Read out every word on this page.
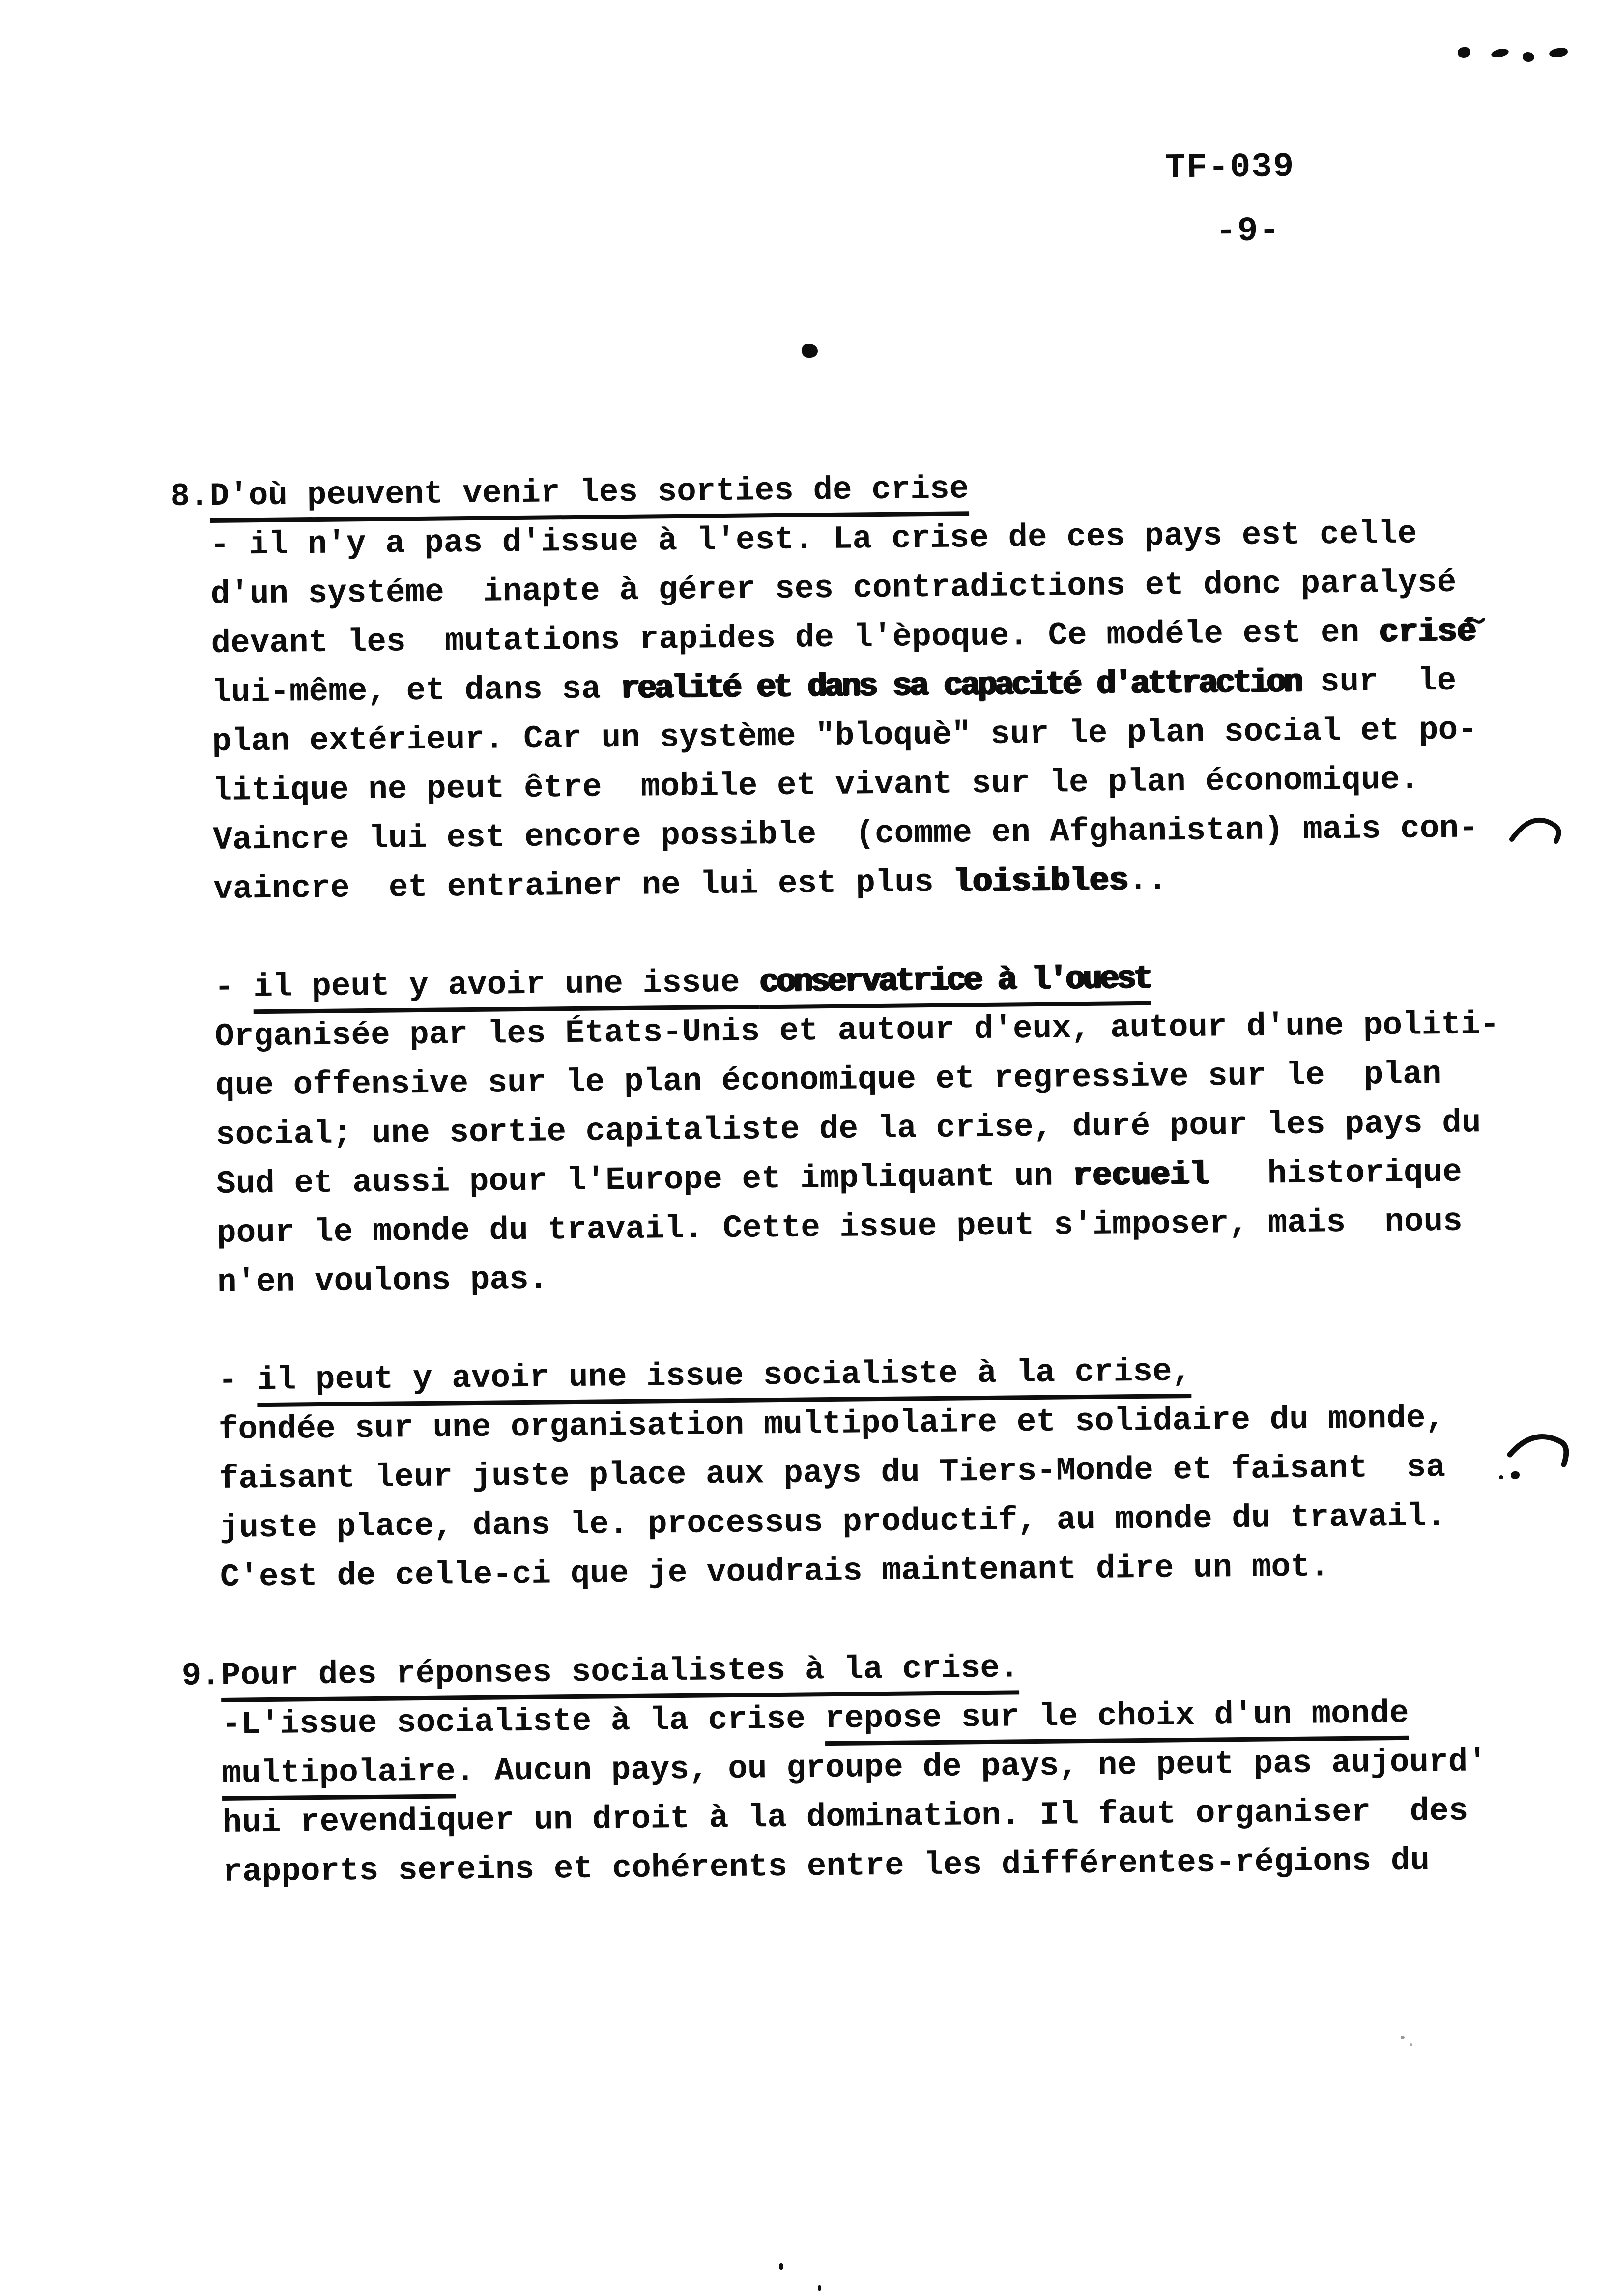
TF-039
-9-
8. D'où peuvent venir les sorties de crise
- il n'y a pas d'issue à l'est. La crise de ces pays est celle
d'un systéme  inapte à gérer ses contradictions et donc paralysé
devant les  mutations rapides de l'èpoque. Ce modéle est en crisé
lui-même, et dans sa realité et dans sa capacité d'attraction sur  le
plan extérieur. Car un système "bloquè" sur le plan social et po-
litique ne peut être  mobile et vivant sur le plan économique.
Vaincre lui est encore possible  (comme en Afghanistan) mais con-
vaincre  et entrainer ne lui est plus loisibles..
- il peut y avoir une issue conservatrice à l'ouest
Organisée par les États-Unis et autour d'eux, autour d'une politi-
que offensive sur le plan économique et regressive sur le  plan
social; une sortie capitaliste de la crise, duré pour les pays du
Sud et aussi pour l'Europe et impliquant un recueil   historique
pour le monde du travail. Cette issue peut s'imposer, mais  nous
n'en voulons pas.
- il peut y avoir une issue socialiste à la crise,
fondée sur une organisation multipolaire et solidaire du monde,
faisant leur juste place aux pays du Tiers-Monde et faisant  sa
juste place, dans le. processus productif, au monde du travail.
C'est de celle-ci que je voudrais maintenant dire un mot.
9. Pour des réponses socialistes à la crise.
-L'issue socialiste à la crise repose sur le choix d'un monde
multipolaire. Aucun pays, ou groupe de pays, ne peut pas aujourd'
hui revendiquer un droit à la domination. Il faut organiser  des
rapports sereins et cohérents entre les différentes-régions du
